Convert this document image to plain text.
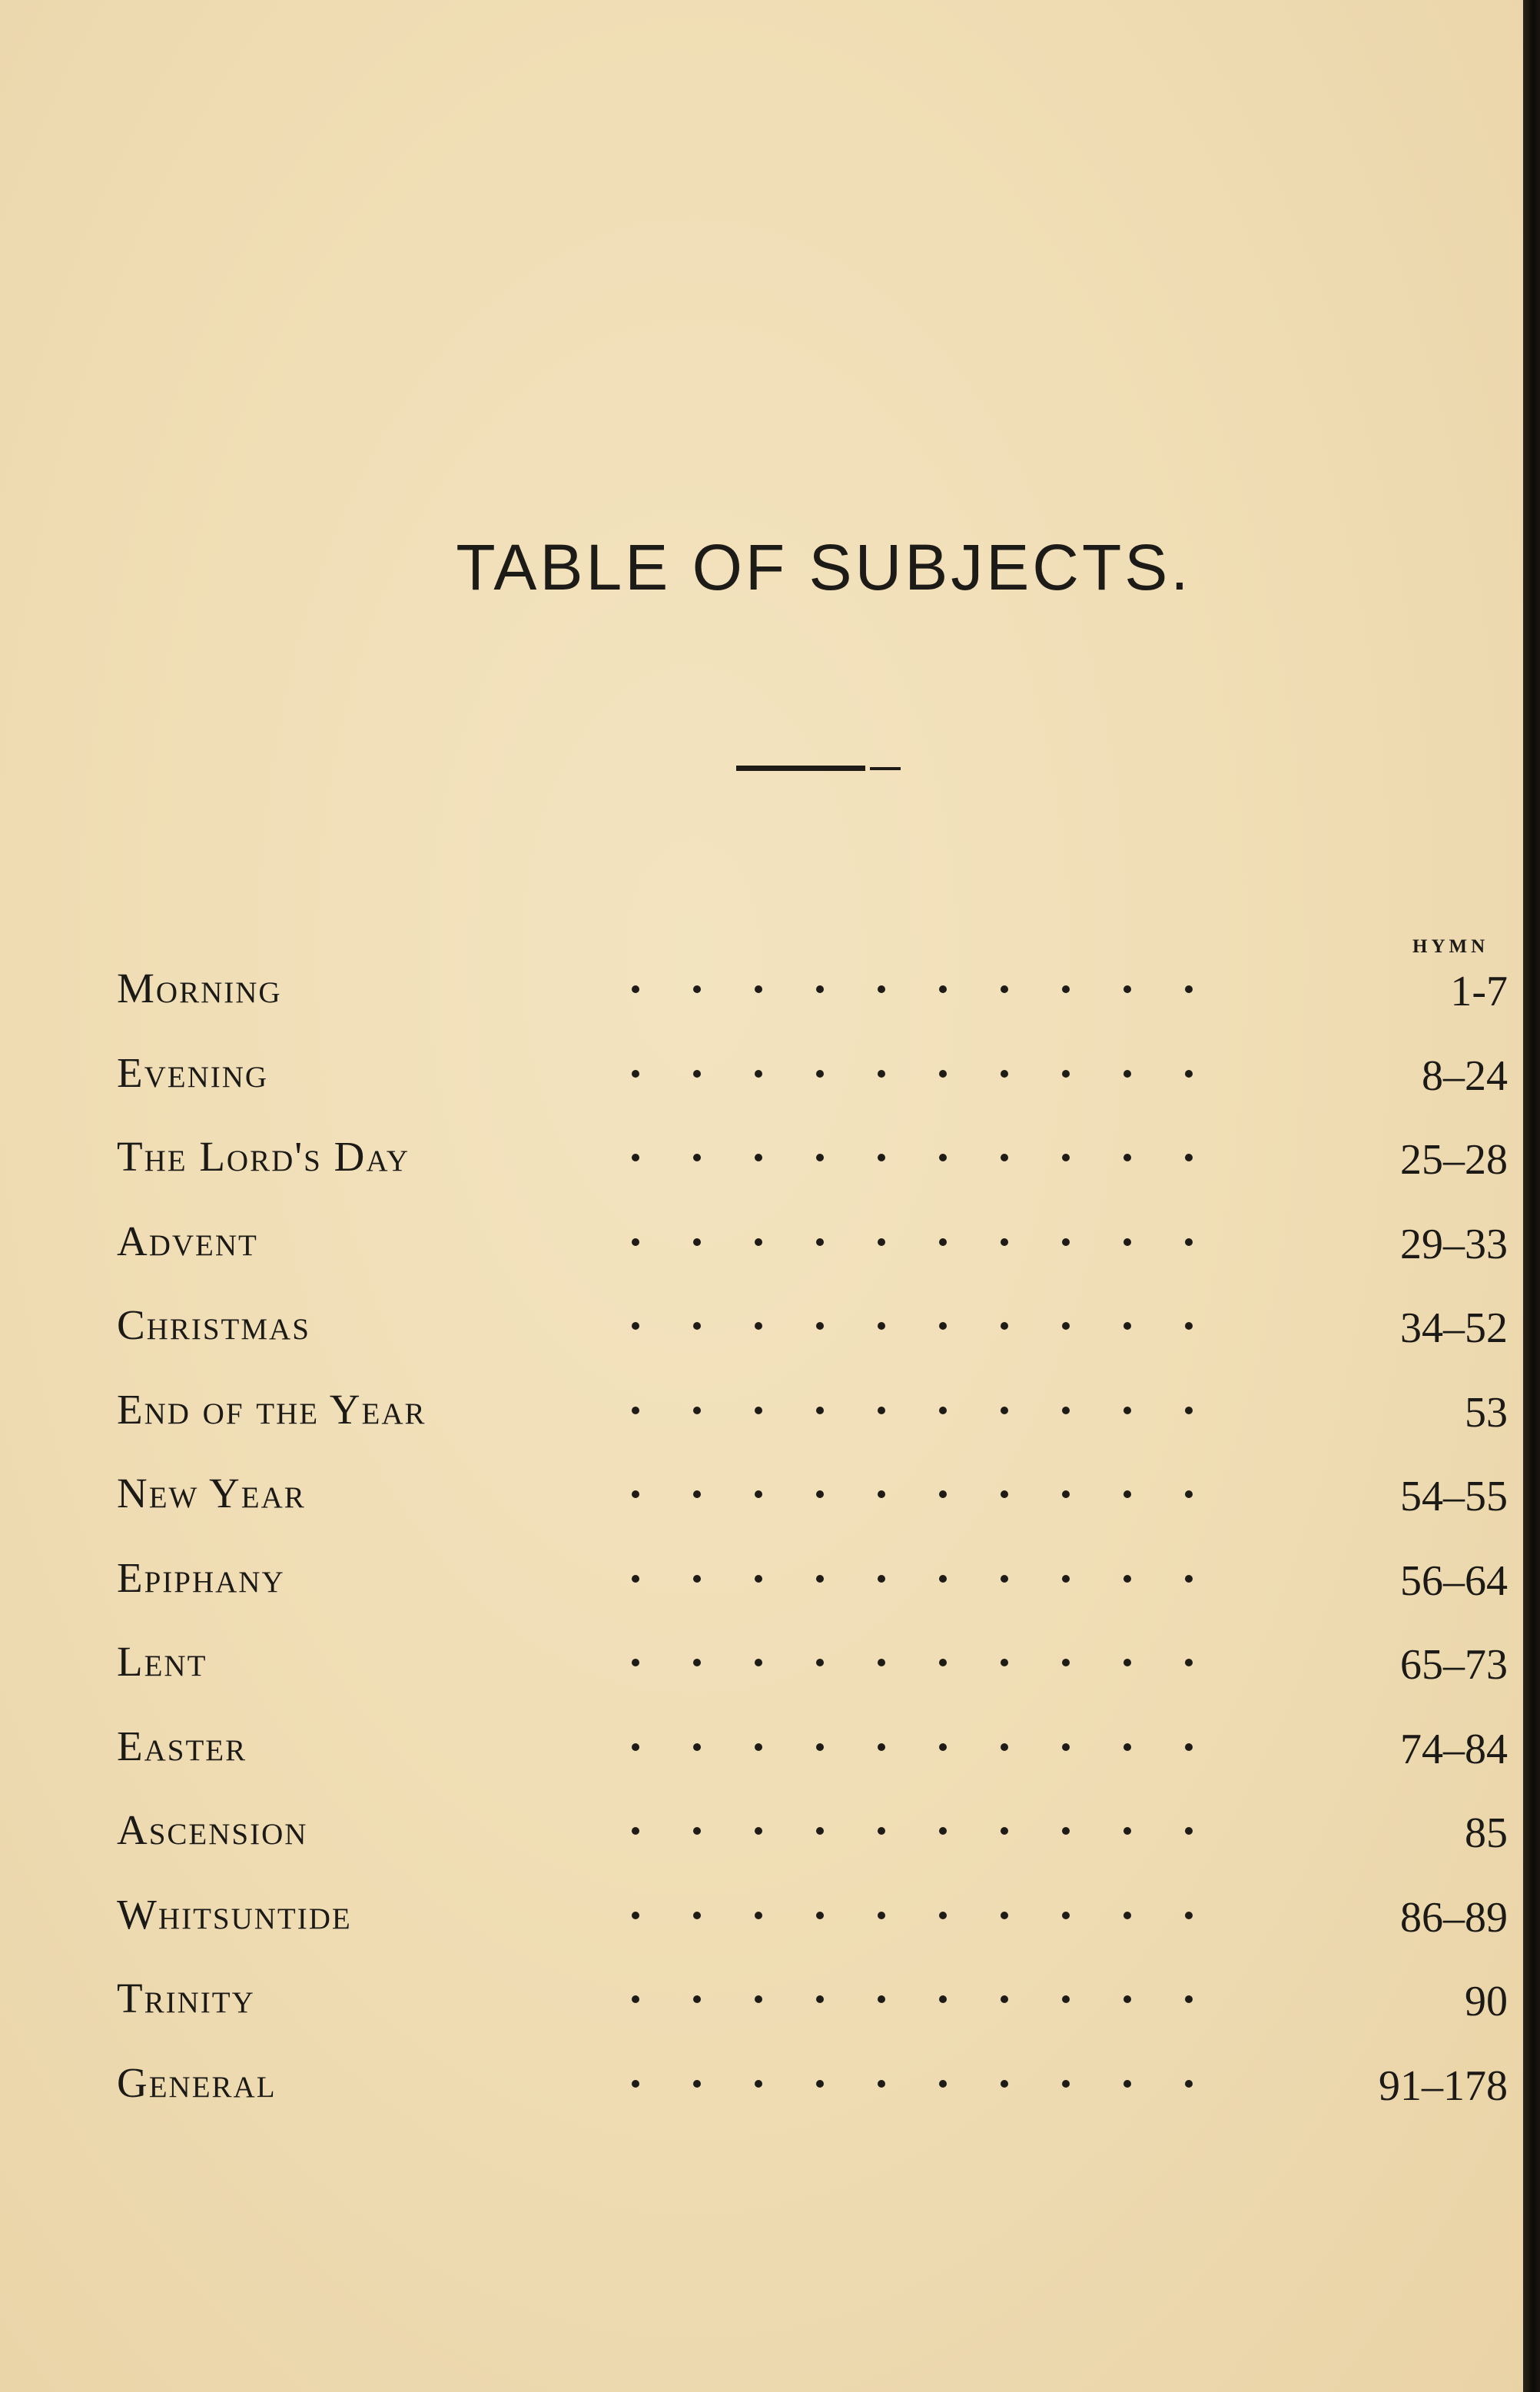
TABLE OF SUBJECTS.
HYMN
Morning	1-7
Evening	8–24
The Lord's Day	25–28
Advent	29–33
Christmas	34–52
End of the Year	53
New Year	54–55
Epiphany	56–64
Lent	65–73
Easter	74–84
Ascension	85
Whitsuntide	86–89
Trinity	90
General	91–178
